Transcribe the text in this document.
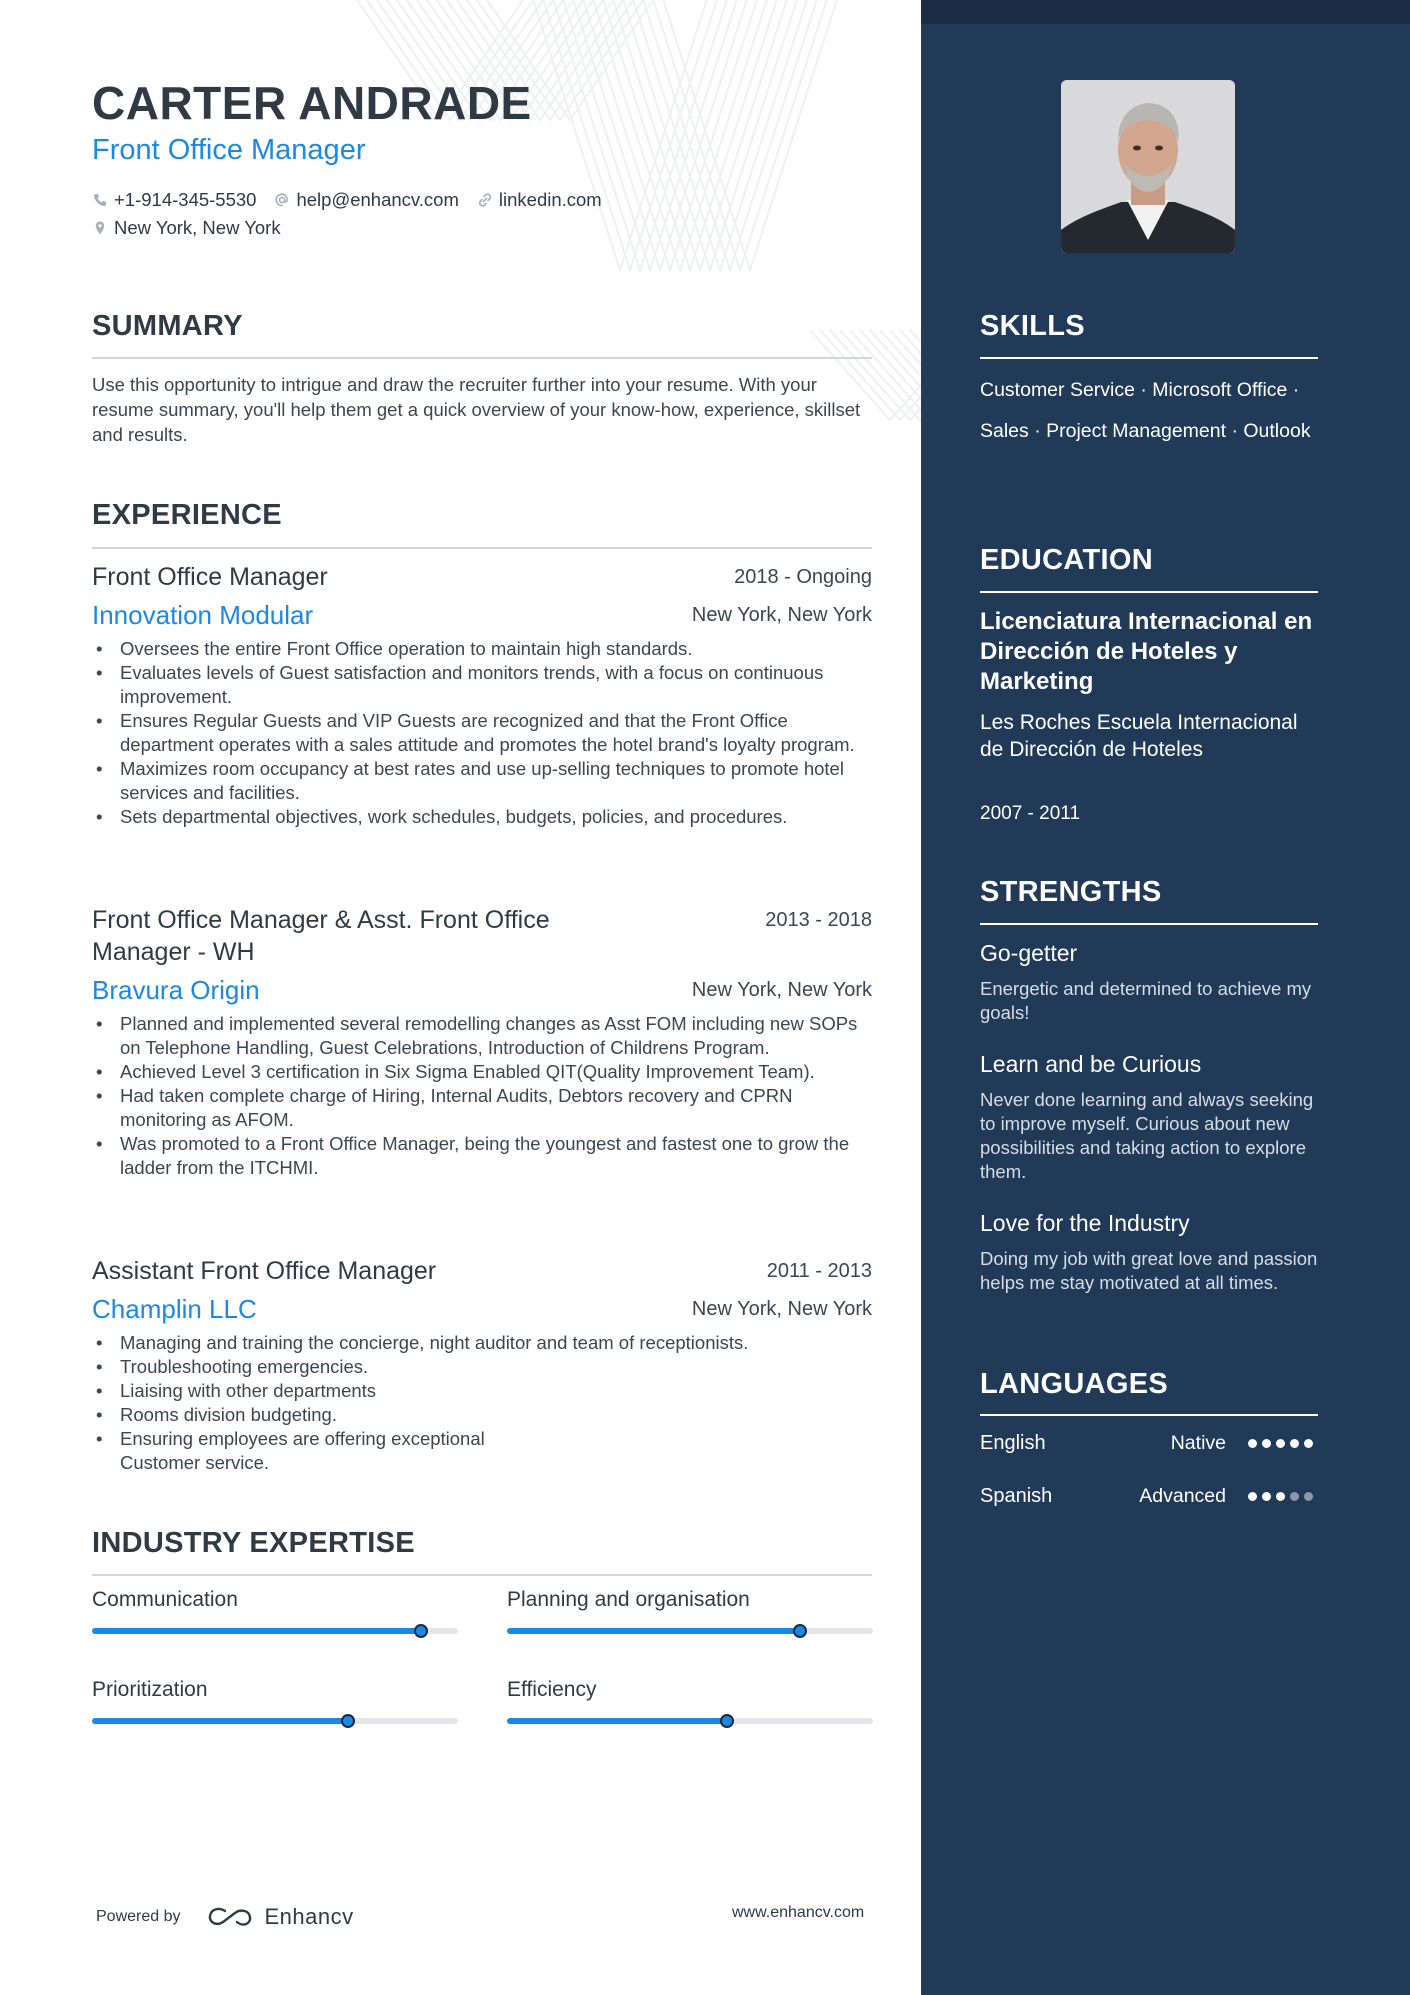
CARTER ANDRADE
Front Office Manager
+1-914-345-5530 help@enhancv.com linkedin.com
New York, New York
SUMMARY

Use this opportunity to intrigue and draw the recruiter further into your resume. With your resume summary, you'll help them get a quick overview of your know-how, experience, skillset and results.

EXPERIENCE
Front Office Manager	2018 - Ongoing
Innovation Modular	New York, New York
• Oversees the entire Front Office operation to maintain high standards.
• Evaluates levels of Guest satisfaction and monitors trends, with a focus on continuous improvement.
• Ensures Regular Guests and VIP Guests are recognized and that the Front Office department operates with a sales attitude and promotes the hotel brand's loyalty program.
• Maximizes room occupancy at best rates and use up-selling techniques to promote hotel services and facilities.
• Sets departmental objectives, work schedules, budgets, policies, and procedures.
Front Office Manager & Asst. Front Office Manager - WH
2013 - 2018
Bravura Origin	New York, New York
• Planned and implemented several remodelling changes as Asst FOM including new SOPs on Telephone Handling, Guest Celebrations, Introduction of Childrens Program.
• Achieved Level 3 certification in Six Sigma Enabled QIT(Quality Improvement Team).
• Had taken complete charge of Hiring, Internal Audits, Debtors recovery and CPRN monitoring as AFOM.
• Was promoted to a Front Office Manager, being the youngest and fastest one to grow the ladder from the ITCHMI.
Assistant Front Office Manager	2011 - 2013
Champlin LLC	New York, New York
• Managing and training the concierge, night auditor and team of receptionists.
• Troubleshooting emergencies.
• Liaising with other departments
• Rooms division budgeting.
• Ensuring employees are offering exceptional Customer service.
INDUSTRY EXPERTISE
Communication	Planning and organisation
Prioritization	Efficiency
Powered by	Enhancv	www.enhancv.com
SKILLS

Customer Service · Microsoft Office · Sales · Project Management · Outlook

EDUCATION

Licenciatura Internacional en Dirección de Hoteles y Marketing

Les Roches Escuela Internacional de Dirección de Hoteles

2007 - 2011

STRENGTHS

Go-getter

Energetic and determined to achieve my goals!

Learn and be Curious

Never done learning and always seeking to improve myself. Curious about new possibilities and taking action to explore them.

Love for the Industry

Doing my job with great love and passion helps me stay motivated at all times.

LANGUAGES
English	Native
Spanish	Advanced
